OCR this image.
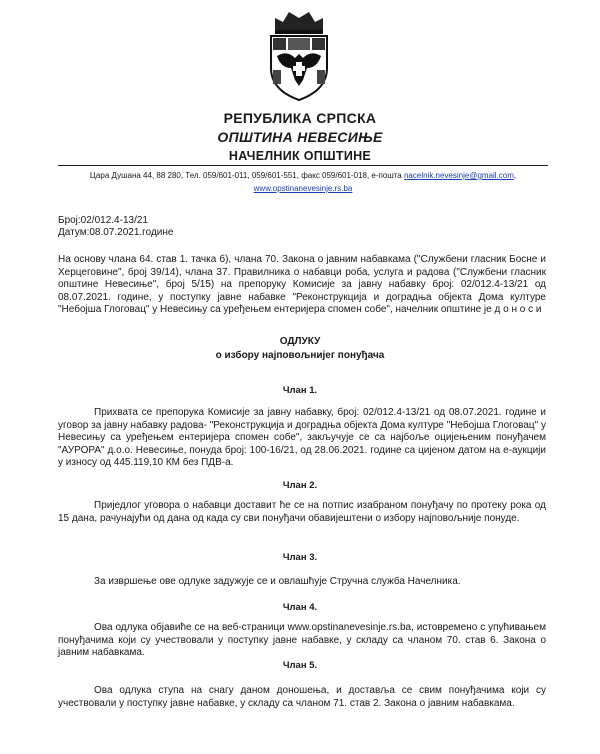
РЕПУБЛИКА СРПСКА
ОПШТИНА НЕВЕСИЊЕ
НАЧЕЛНИК ОПШТИНЕ
Цара Душана 44, 88 280, Тел. 059/601-011, 059/601-551, факс 059/601-018, е-пошта nacelnik.nevesinje@gmail.com,
www.opstinanevesinje.rs.ba
Број:02/012.4-13/21
Датум:08.07.2021.године
На основу члана 64. став 1. тачка б), члана 70. Закона о јавним набавкама ("Службени гласник Босне и Херцеговине", број 39/14), члана 37. Правилника о набавци роба, услуга и радова ("Службени гласник општине Невесиње", број 5/15) на препоруку Комисије за јавну набавку број: 02/012.4-13/21 од 08.07.2021. године, у поступку јавне набавке "Реконструкција и доградња објекта Дома културе "Небојша Глоговац" у Невесињу са уређењем ентеријера спомен собе", начелник општине је д о н о с и
ОДЛУКУ
о избору најповољнијег понуђача
Члан 1.
Прихвата се препорука Комисије за јавну набавку, број: 02/012.4-13/21 од 08.07.2021. године и уговор за јавну набавку радова- "Реконструкција и доградња објекта Дома културе "Небојша Глоговац" у Невесињу са уређењем ентеријера спомен собе", закључује се са најбоље оцијењеним понуђачем "АУРОРА" д.о.о. Невесиње, понуда број: 100-16/21, од 28.06.2021. године са цијеном датом на е-аукцији у износу од 445.119,10 КМ без ПДВ-а.
Члан 2.
Приједлог уговора о набавци доставит ће се на потпис изабраном понуђачу по протеку рока од 15 дана, рачунајући од дана од када су сви понуђачи обавијештени о избору најповољније понуде.
Члан 3.
За извршење ове одлуке задужује се и овлашћује Стручна служба Начелника.
Члан 4.
Ова одлука објавиће се на веб-страници www.opstinanevesinje.rs.ba, истовремено с упућивањем понуђачима који су учествовали у поступку јавне набавке, у складу са чланом 70. став 6. Закона о јавним набавкама.
Члан 5.
Ова одлука ступа на снагу даном доношења, и доставља се свим понуђачима који су учествовали у поступку јавне набавке, у складу са чланом 71. став 2. Закона о јавним набавкама.
